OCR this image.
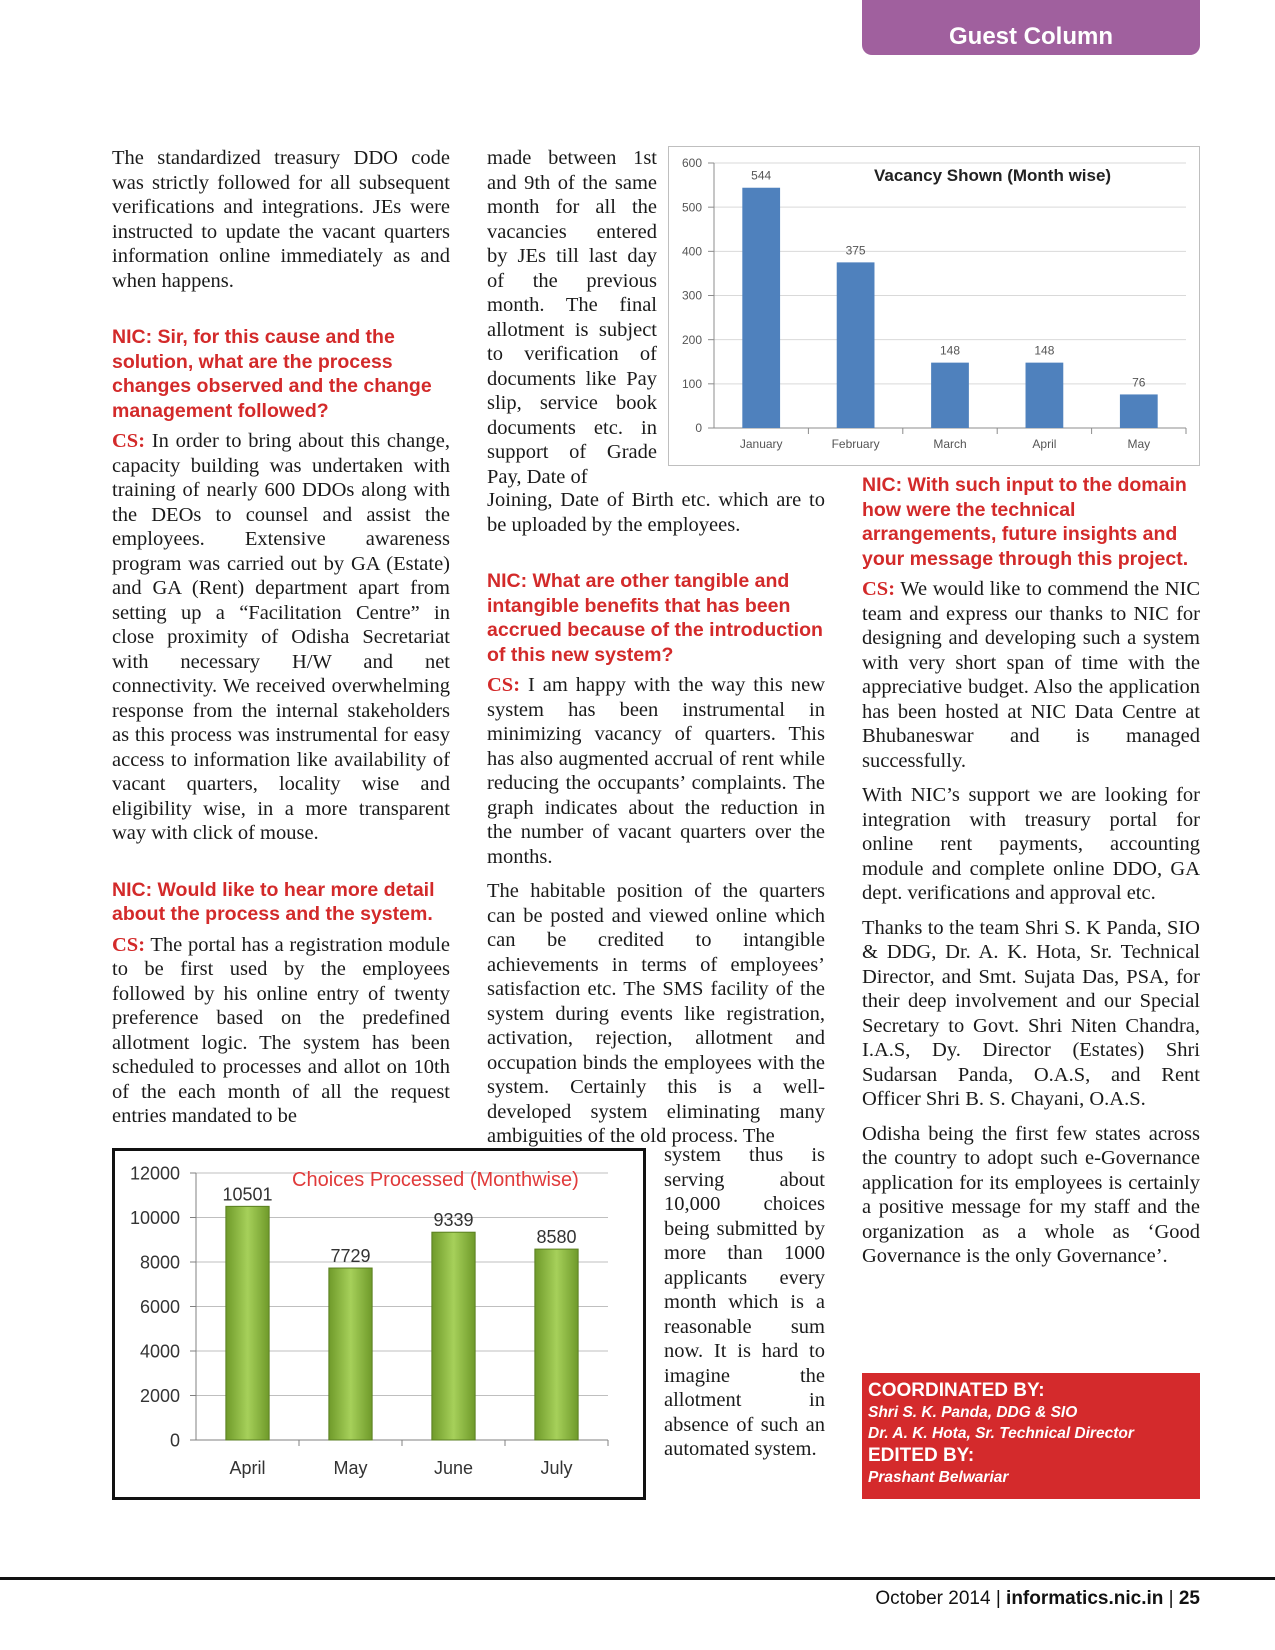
Guest Column

The standardized treasury DDO code was strictly followed for all subsequent verifications and integrations. JEs were instructed to update the vacant quarters information online immediately as and when happens.

NIC: Sir, for this cause and the solution, what are the process changes observed and the change management followed?

CS: In order to bring about this change, capacity building was undertaken with training of nearly 600 DDOs along with the DEOs to counsel and assist the employees. Extensive awareness program was carried out by GA (Estate) and GA (Rent) department apart from setting up a “Facilitation Centre” in close proximity of Odisha Secretariat with necessary H/W and net connectivity. We received overwhelming response from the internal stakeholders as this process was instrumental for easy access to information like availability of vacant quarters, locality wise and eligibility wise, in a more transparent way with click of mouse.

NIC: Would like to hear more detail about the process and the system.

CS: The portal has a registration module to be first used by the employees followed by his online entry of twenty preference based on the predefined allotment logic. The system has been scheduled to processes and allot on 10th of the each month of all the request entries mandated to be

made between 1st and 9th of the same month for all the vacancies entered by JEs till last day of the previous month. The final allotment is subject to verification of documents like Pay slip, service book documents etc. in support of Grade Pay, Date of

Joining, Date of Birth etc. which are to be uploaded by the employees.

NIC: What are other tangible and intangible benefits that has been accrued because of the introduction of this new system?

CS: I am happy with the way this new system has been instrumental in minimizing vacancy of quarters. This has also augmented accrual of rent while reducing the occupants’ complaints. The graph indicates about the reduction in the number of vacant quarters over the months.

The habitable position of the quarters can be posted and viewed online which can be credited to intangible achievements in terms of employees’ satisfaction etc. The SMS facility of the system during events like registration, activation, rejection, allotment and occupation binds the employees with the system. Certainly this is a well-developed system eliminating many ambiguities of the old process. The

system thus is serving about 10,000 choices being submitted by more than 1000 applicants every month which is a reasonable sum now. It is hard to imagine the allotment in absence of such an automated system.

NIC: With such input to the domain how were the technical arrangements, future insights and your message through this project.

CS: We would like to commend the NIC team and express our thanks to NIC for designing and developing such a system with very short span of time with the appreciative budget. Also the application has been hosted at NIC Data Centre at Bhubaneswar and is managed successfully.

With NIC’s support we are looking for integration with treasury portal for online rent payments, accounting module and complete online DDO, GA dept. verifications and approval etc.

Thanks to the team Shri S. K Panda, SIO & DDG, Dr. A. K. Hota, Sr. Technical Director, and Smt. Sujata Das, PSA, for their deep involvement and our Special Secretary to Govt. Shri Niten Chandra, I.A.S, Dy. Director (Estates) Shri Sudarsan Panda, O.A.S, and Rent Officer Shri B. S. Chayani, O.A.S.

Odisha being the first few states across the country to adopt such e-Governance application for its employees is certainly a positive message for my staff and the organization as a whole as ‘Good Governance is the only Governance’.

0
100
200
300
400
500
600
544
January
375
February
148
March
148
April
76
May
Vacancy Shown (Month wise)
0
2000
4000
6000
8000
10000
12000
10501
April
7729
May
9339
June
8580
July
Choices Processed (Monthwise)
COORDINATED BY:
Shri S. K. Panda, DDG & SIO
Dr. A. K. Hota, Sr. Technical Director
EDITED BY:
Prashant Belwariar
October 2014 | informatics.nic.in | 25
